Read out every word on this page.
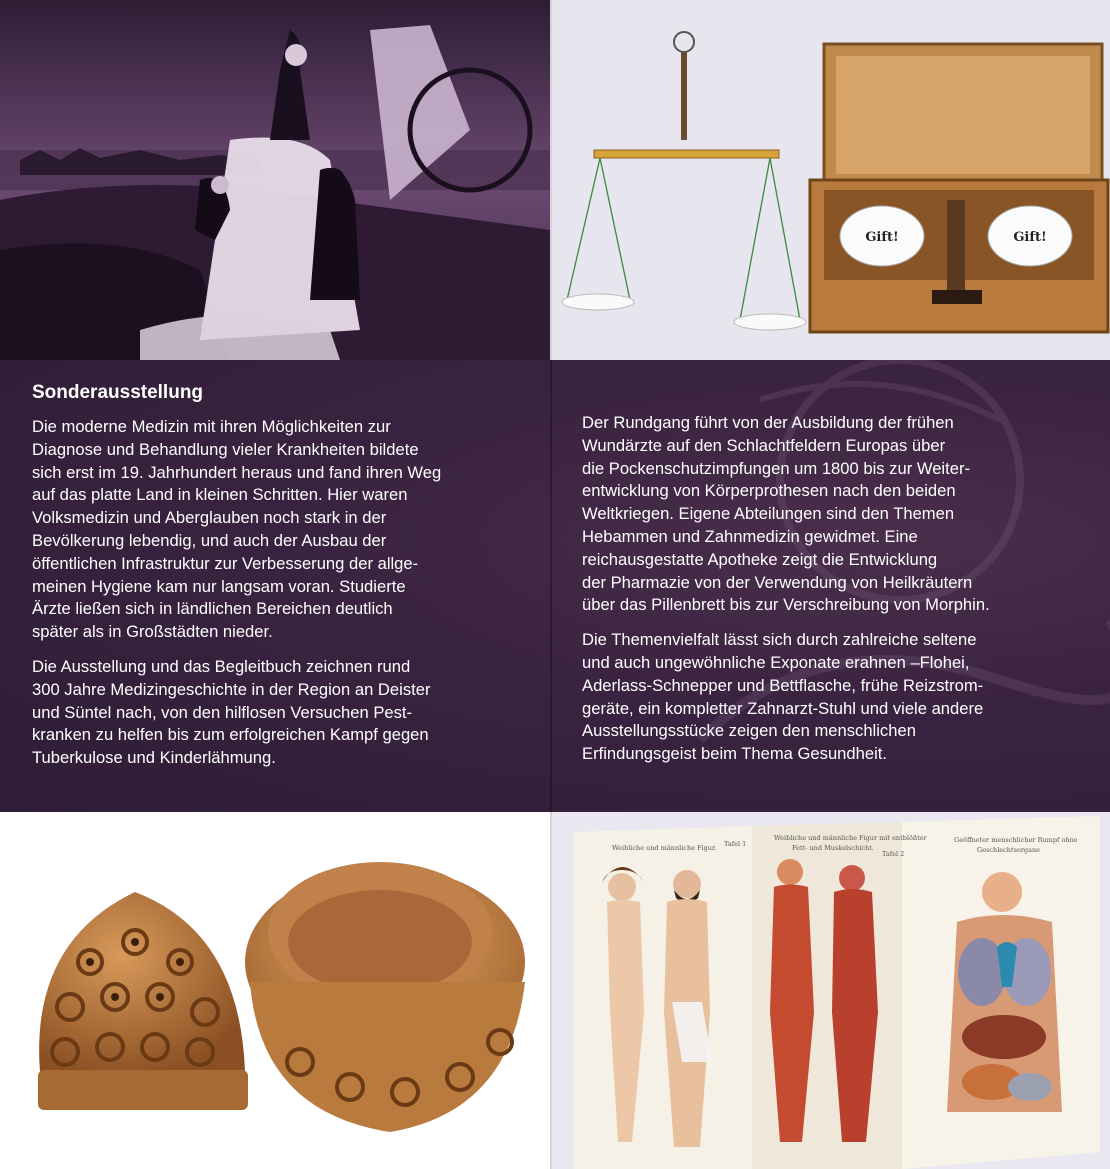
Gift!	Gift!
Sonderausstellung

Die moderne Medizin mit ihren Möglichkeiten zur
Diagnose und Behandlung vieler Krankheiten bildete
sich erst im 19. Jahrhundert heraus und fand ihren Weg
auf das platte Land in kleinen Schritten. Hier waren
Volksmedizin und Aberglauben noch stark in der
Bevölkerung lebendig, und auch der Ausbau der
öffentlichen Infrastruktur zur Verbesserung der allge-
meinen Hygiene kam nur langsam voran. Studierte
Ärzte ließen sich in ländlichen Bereichen deutlich
später als in Großstädten nieder.

Die Ausstellung und das Begleitbuch zeichnen rund
300 Jahre Medizingeschichte in der Region an Deister
und Süntel nach, von den hilflosen Versuchen Pest-
kranken zu helfen bis zum erfolgreichen Kampf gegen
Tuberkulose und Kinderlähmung.

Der Rundgang führt von der Ausbildung der frühen
Wundärzte auf den Schlachtfeldern Europas über
die Pockenschutzimpfungen um 1800 bis zur Weiter-
entwicklung von Körperprothesen nach den beiden
Weltkriegen. Eigene Abteilungen sind den Themen
Hebammen und Zahnmedizin gewidmet. Eine
reichausgestatte Apotheke zeigt die Entwicklung
der Pharmazie von der Verwendung von Heilkräutern
über das Pillenbrett bis zur Verschreibung von Morphin.

Die Themenvielfalt lässt sich durch zahlreiche seltene
und auch ungewöhnliche Exponate erahnen –Flohei,
Aderlass-Schnepper und Bettflasche, frühe Reizstrom-
geräte, ein kompletter Zahnarzt-Stuhl und viele andere
Ausstellungsstücke zeigen den menschlichen
Erfindungsgeist beim Thema Gesundheit.

Weibliche und männliche Figur. Tafel 1
Weibliche und männliche Figur mit entblößter
Fett- und Muskelschicht.
Tafel 2
Geöffneter menschlicher Rumpf ohne
Geschlechtsorgane
